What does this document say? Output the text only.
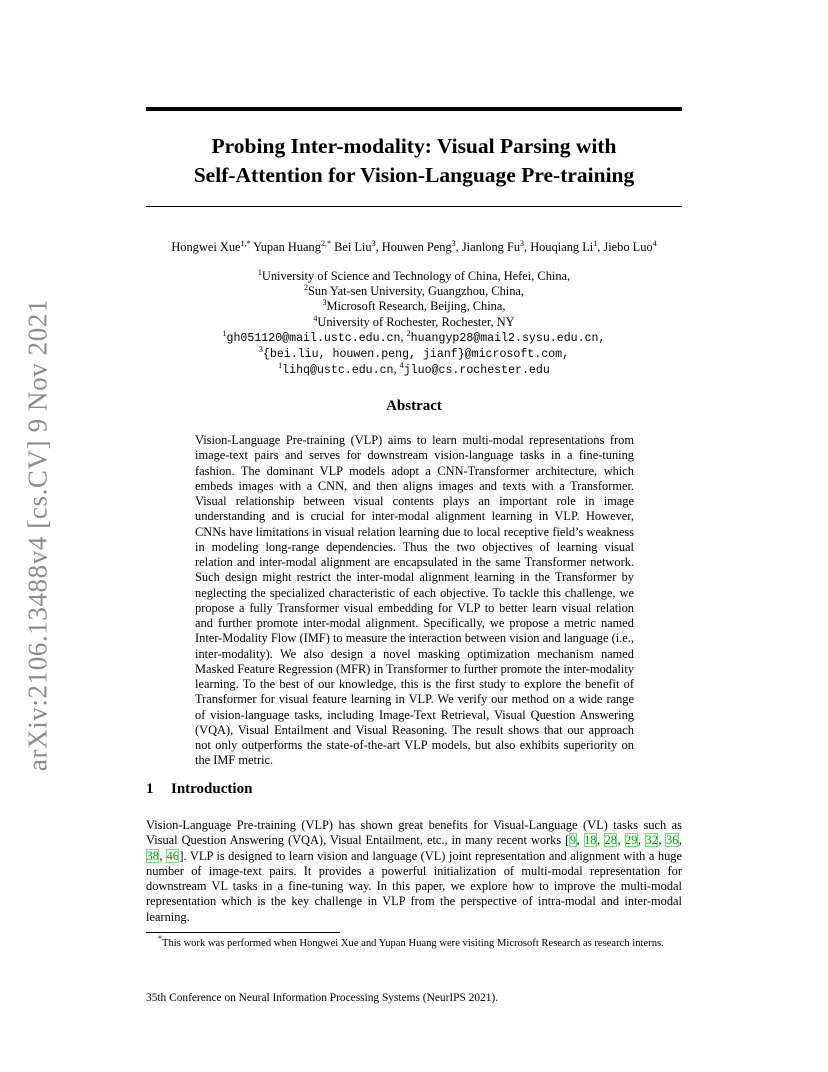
arXiv:2106.13488v4 [cs.CV] 9 Nov 2021
Probing Inter-modality: Visual Parsing with
Self-Attention for Vision-Language Pre-training
Hongwei Xue$^{1,*}$ Yupan Huang$^{2,*}$ Bei Liu$^3$, Houwen Peng$^3$, Jianlong Fu$^3$, Houqiang Li$^1$, Jiebo Luo$^4$
$^1$University of Science and Technology of China, Hefei, China,
$^2$Sun Yat-sen University, Guangzhou, China,
$^3$Microsoft Research, Beijing, China,
$^4$University of Rochester, Rochester, NY
$^1$gh051120@mail.ustc.edu.cn, $^2$huangyp28@mail2.sysu.edu.cn,
$^3${bei.liu, houwen.peng, jianf}@microsoft.com,
$^1$lihq@ustc.edu.cn, $^4$jluo@cs.rochester.edu
Abstract
Vision-Language Pre-training (VLP) aims to learn multi-modal representations from image-text pairs and serves for downstream vision-language tasks in a fine-tuning fashion. The dominant VLP models adopt a CNN-Transformer architecture, which embeds images with a CNN, and then aligns images and texts with a Transformer. Visual relationship between visual contents plays an important role in image understanding and is crucial for inter-modal alignment learning in VLP. However, CNNs have limitations in visual relation learning due to local receptive field’s weakness in modeling long-range dependencies. Thus the two objectives of learning visual relation and inter-modal alignment are encapsulated in the same Transformer network. Such design might restrict the inter-modal alignment learning in the Transformer by neglecting the specialized characteristic of each objective. To tackle this challenge, we propose a fully Transformer visual embedding for VLP to better learn visual relation and further promote inter-modal alignment. Specifically, we propose a metric named Inter-Modality Flow (IMF) to measure the interaction between vision and language (i.e., inter-modality). We also design a novel masking optimization mechanism named Masked Feature Regression (MFR) in Transformer to further promote the inter-modality learning. To the best of our knowledge, this is the first study to explore the benefit of Transformer for visual feature learning in VLP. We verify our method on a wide range of vision-language tasks, including Image-Text Retrieval, Visual Question Answering (VQA), Visual Entailment and Visual Reasoning. The result shows that our approach not only outperforms the state-of-the-art VLP models, but also exhibits superiority on the IMF metric.
1 Introduction
Vision-Language Pre-training (VLP) has shown great benefits for Visual-Language (VL) tasks such as Visual Question Answering (VQA), Visual Entailment, etc., in many recent works [9, 18, 28, 29, 32, 36, 38, 46]. VLP is designed to learn vision and language (VL) joint representation and alignment with a huge number of image-text pairs. It provides a powerful initialization of multi-modal representation for downstream VL tasks in a fine-tuning way. In this paper, we explore how to improve the multi-modal representation which is the key challenge in VLP from the perspective of intra-modal and inter-modal learning.
*This work was performed when Hongwei Xue and Yupan Huang were visiting Microsoft Research as research interns.
35th Conference on Neural Information Processing Systems (NeurIPS 2021).
